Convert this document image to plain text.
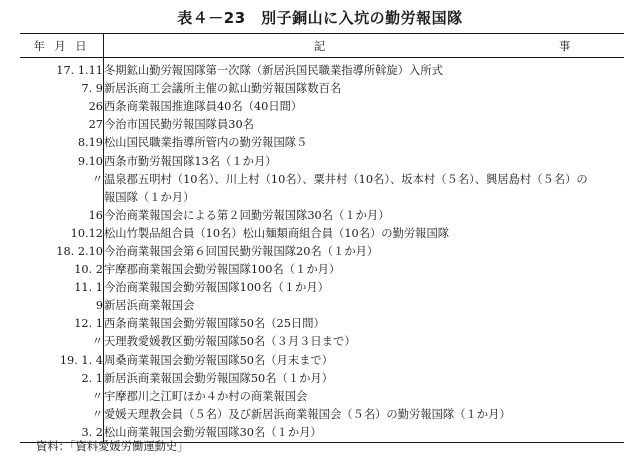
表４－23　別子銅山に入坑の勤労報国隊
年 月 日	記 事

17. 1.11	冬期鉱山勤労報国隊第一次隊（新居浜国民職業指導所斡旋）入所式
7. 9	新居浜商工会議所主催の鉱山勤労報国隊数百名
26	西条商業報国推進隊員40名（40日間）
27	今治市国民勤労報国隊員30名
8.19	松山国民職業指導所管内の勤労報国隊５
9.10	西条市勤労報国隊13名（１か月）
〃	温泉郡五明村（10名）、川上村（10名）、粟井村（10名）、坂本村（５名）、興居島村（５名）の
	報国隊（１か月）
16	今治商業報国会による第２回勤労報国隊30名（１か月）
10.12	松山竹製品組合員（10名）松山麺類商組合員（10名）の勤労報国隊
18. 2.10	今治商業報国会第６回国民勤労報国隊20名（１か月）
10. 2	宇摩郡商業報国会勤労報国隊100名（１か月）
11. 1	今治商業報国会勤労報国隊100名（１か月）
9	新居浜商業報国会
12. 1	西条商業報国会勤労報国隊50名（25日間）
〃	天理教愛媛教区勤労報国隊50名（３月３日まで）
19. 1. 4	周桑商業報国会勤労報国隊50名（月末まで）
2. 1	新居浜商業報国会勤労報国隊50名（１か月）
〃	宇摩郡川之江町ほか４か村の商業報国会
〃	愛媛天理教会員（５名）及び新居浜商業報国会（５名）の勤労報国隊（１か月）
3. 2	松山商業報国会勤労報国隊30名（１か月）
資料：「資料愛媛労働運動史」
